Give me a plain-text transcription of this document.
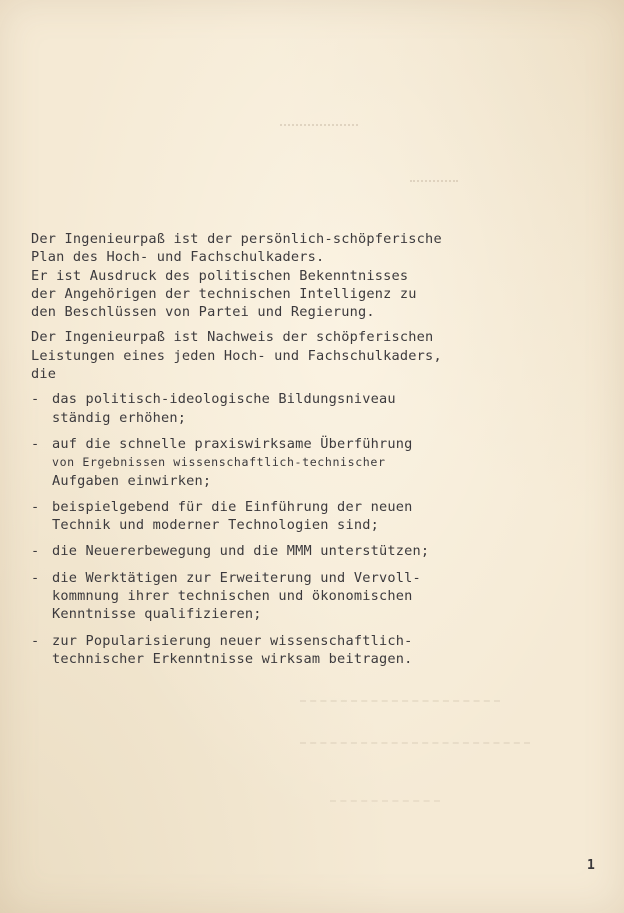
Der Ingenieurpaß ist der persönlich-schöpferische
Plan des Hoch- und Fachschulkaders.
Er ist Ausdruck des politischen Bekenntnisses
der Angehörigen der technischen Intelligenz zu
den Beschlüssen von Partei und Regierung.
Der Ingenieurpaß ist Nachweis der schöpferischen
Leistungen eines jeden Hoch- und Fachschulkaders,
die
- das politisch-ideologische Bildungsniveau
ständig erhöhen;
- auf die schnelle praxiswirksame Überführung
von Ergebnissen wissenschaftlich-technischer
Aufgaben einwirken;
- beispielgebend für die Einführung der neuen
Technik und moderner Technologien sind;
- die Neuererbewegung und die MMM unterstützen;
- die Werktätigen zur Erweiterung und Vervoll-
kommnung ihrer technischen und ökonomischen
Kenntnisse qualifizieren;
- zur Popularisierung neuer wissenschaftlich-
technischer Erkenntnisse wirksam beitragen.
1
